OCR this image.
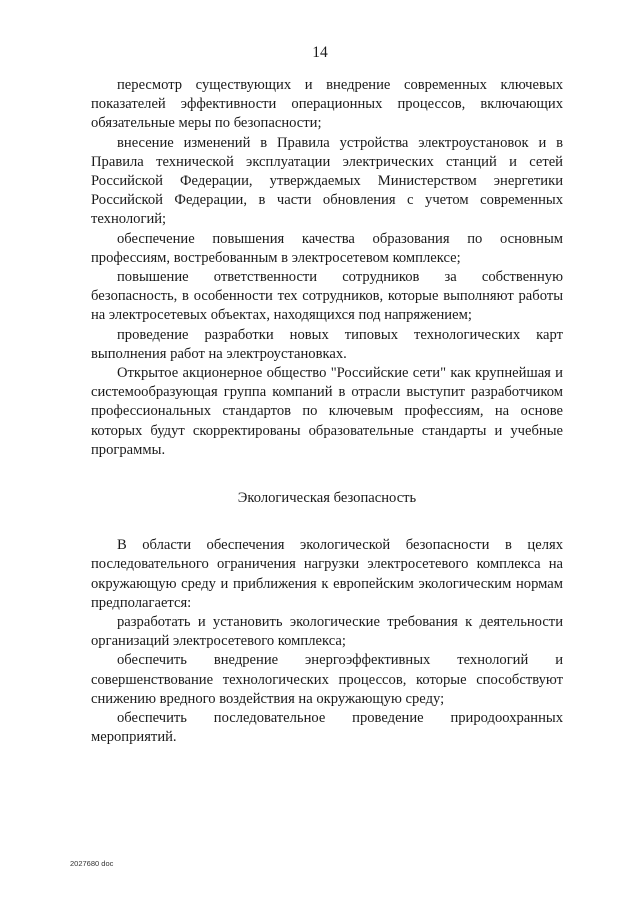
14

пересмотр существующих и внедрение современных ключевых показателей эффективности операционных процессов, включающих обязательные меры по безопасности;

внесение изменений в Правила устройства электроустановок и в Правила технической эксплуатации электрических станций и сетей Российской Федерации, утверждаемых Министерством энергетики Российской Федерации, в части обновления с учетом современных технологий;

обеспечение повышения качества образования по основным профессиям, востребованным в электросетевом комплексе;

повышение ответственности сотрудников за собственную безопасность, в особенности тех сотрудников, которые выполняют работы на электросетевых объектах, находящихся под напряжением;

проведение разработки новых типовых технологических карт выполнения работ на электроустановках.

Открытое акционерное общество "Российские сети" как крупнейшая и системообразующая группа компаний в отрасли выступит разработчиком профессиональных стандартов по ключевым профессиям, на основе которых будут скорректированы образовательные стандарты и учебные программы.

Экологическая безопасность

В области обеспечения экологической безопасности в целях последовательного ограничения нагрузки электросетевого комплекса на окружающую среду и приближения к европейским экологическим нормам предполагается:

разработать и установить экологические требования к деятельности организаций электросетевого комплекса;

обеспечить внедрение энергоэффективных технологий и совершенствование технологических процессов, которые способствуют снижению вредного воздействия на окружающую среду;

обеспечить последовательное проведение природоохранных мероприятий.

2027680 doc
